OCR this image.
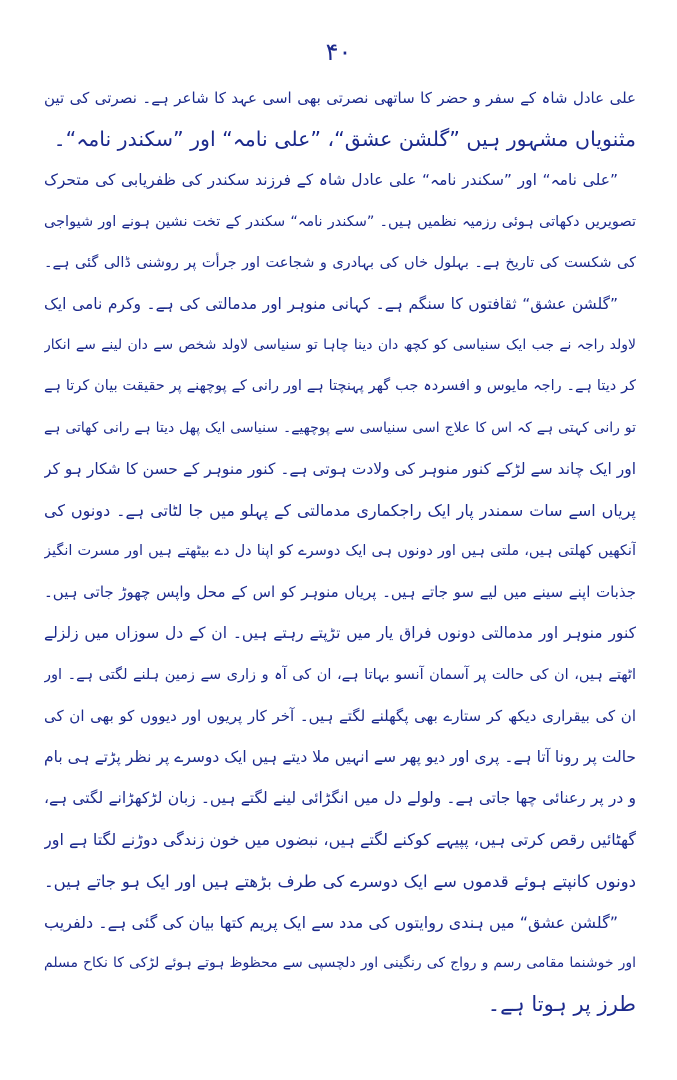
۴۰
علی عادل شاہ کے سفر و حضر کا ساتھی نصرتی بھی اسی عہد کا شاعر ہے۔ نصرتی کی تین
مثنویاں مشہور ہیں ”گلشن عشق“، ”علی نامہ“ اور ”سکندر نامہ“۔
”علی نامہ“ اور ”سکندر نامہ“ علی عادل شاہ کے فرزند سکندر کی ظفریابی کی متحرک
تصویریں دکھاتی ہوئی رزمیہ نظمیں ہیں۔ ”سکندر نامہ“ سکندر کے تخت نشین ہونے اور شیواجی
کی شکست کی تاریخ ہے۔ بہلول خاں کی بہادری و شجاعت اور جرأت پر روشنی ڈالی گئی ہے۔
”گلشن عشق“ ثقافتوں کا سنگم ہے۔ کہانی منوہر اور مدمالتی کی ہے۔ وکرم نامی ایک
لاولد راجہ نے جب ایک سنیاسی کو کچھ دان دینا چاہا تو سنیاسی لاولد شخص سے دان لینے سے انکار
کر دیتا ہے۔ راجہ مایوس و افسردہ جب گھر پہنچتا ہے اور رانی کے پوچھنے پر حقیقت بیان کرتا ہے
تو رانی کہتی ہے کہ اس کا علاج اسی سنیاسی سے پوچھیے۔ سنیاسی ایک پھل دیتا ہے رانی کھاتی ہے
اور ایک چاند سے لڑکے کنور منوہر کی ولادت ہوتی ہے۔ کنور منوہر کے حسن کا شکار ہو کر
پریاں اسے سات سمندر پار ایک راجکماری مدمالتی کے پہلو میں جا لٹاتی ہے۔ دونوں کی
آنکھیں کھلتی ہیں، ملتی ہیں اور دونوں ہی ایک دوسرے کو اپنا دل دے بیٹھتے ہیں اور مسرت انگیز
جذبات اپنے سینے میں لیے سو جاتے ہیں۔ پریاں منوہر کو اس کے محل واپس چھوڑ جاتی ہیں۔
کنور منوہر اور مدمالتی دونوں فراق یار میں تڑپتے رہتے ہیں۔ ان کے دل سوزاں میں زلزلے
اٹھتے ہیں، ان کی حالت پر آسمان آنسو بہاتا ہے، ان کی آہ و زاری سے زمین ہلنے لگتی ہے۔ اور
ان کی بیقراری دیکھ کر ستارے بھی پگھلنے لگتے ہیں۔ آخر کار پریوں اور دیووں کو بھی ان کی
حالت پر رونا آتا ہے۔ پری اور دیو پھر سے انہیں ملا دیتے ہیں ایک دوسرے پر نظر پڑتے ہی بام
و در پر رعنائی چھا جاتی ہے۔ ولولے دل میں انگڑائی لینے لگتے ہیں۔ زبان لڑکھڑانے لگتی ہے،
گھٹائیں رقص کرتی ہیں، پپیہے کوکنے لگتے ہیں، نبضوں میں خون زندگی دوڑنے لگتا ہے اور
دونوں کانپتے ہوئے قدموں سے ایک دوسرے کی طرف بڑھتے ہیں اور ایک ہو جاتے ہیں۔
”گلشن عشق“ میں ہندی روایتوں کی مدد سے ایک پریم کتھا بیان کی گئی ہے۔ دلفریب
اور خوشنما مقامی رسم و رواج کی رنگینی اور دلچسپی سے محظوظ ہوتے ہوئے لڑکی کا نکاح مسلم
طرز پر ہوتا ہے۔
